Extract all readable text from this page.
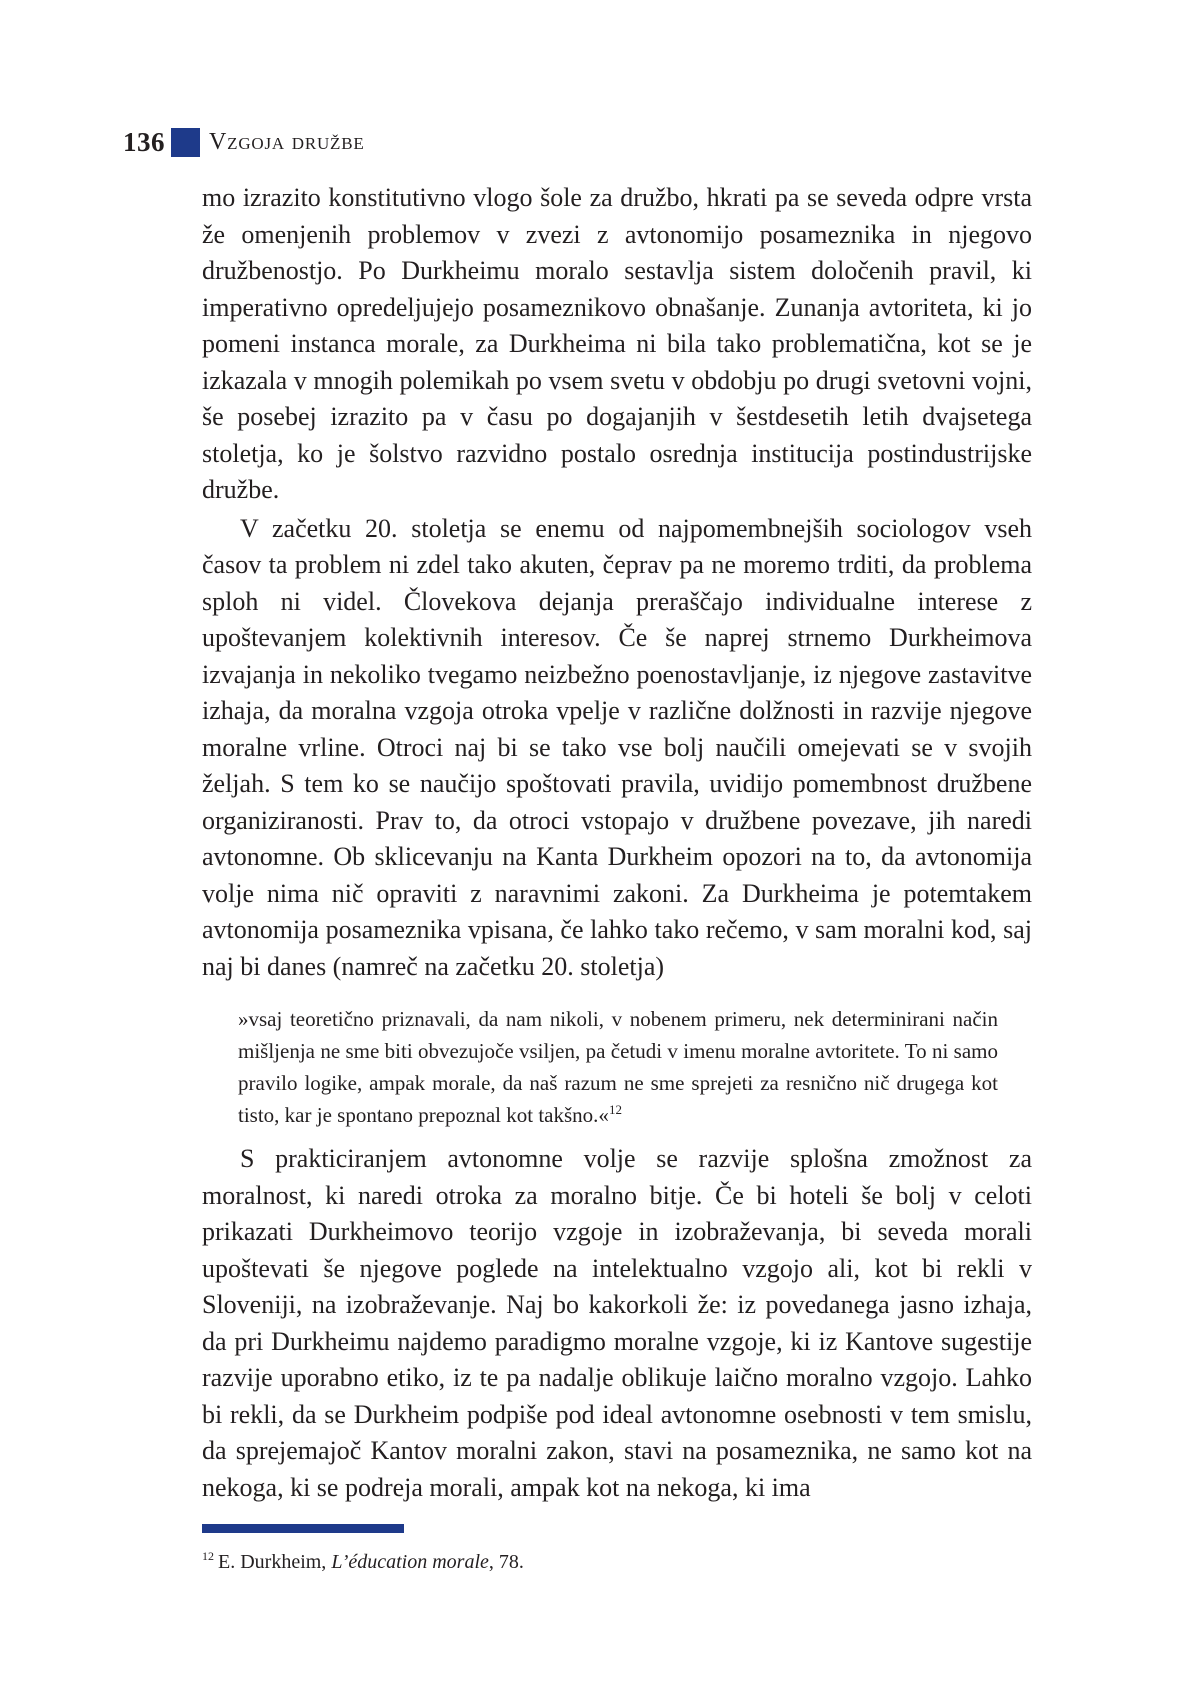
136 Vzgoja družbe

mo izrazito konstitutivno vlogo šole za družbo, hkrati pa se seveda odpre vrsta že omenjenih problemov v zvezi z avtonomijo posameznika in njegovo družbenostjo. Po Durkheimu moralo sestavlja sistem določenih pravil, ki imperativno opredeljujejo posameznikovo obnašanje. Zunanja avtoriteta, ki jo pomeni instanca morale, za Durkheima ni bila tako problematična, kot se je izkazala v mnogih polemikah po vsem svetu v obdobju po drugi svetovni vojni, še posebej izrazito pa v času po dogajanjih v šestdesetih letih dvajsetega stoletja, ko je šolstvo razvidno postalo osrednja institucija postindustrijske družbe.

V začetku 20. stoletja se enemu od najpomembnejših sociologov vseh časov ta problem ni zdel tako akuten, čeprav pa ne moremo trditi, da problema sploh ni videl. Človekova dejanja preraščajo individualne interese z upoštevanjem kolektivnih interesov. Če še naprej strnemo Durkheimova izvajanja in nekoliko tvegamo neizbežno poenostavljanje, iz njegove zastavitve izhaja, da moralna vzgoja otroka vpelje v različne dolžnosti in razvije njegove moralne vrline. Otroci naj bi se tako vse bolj naučili omejevati se v svojih željah. S tem ko se naučijo spoštovati pravila, uvidijo pomembnost družbene organiziranosti. Prav to, da otroci vstopajo v družbene povezave, jih naredi avtonomne. Ob sklicevanju na Kanta Durkheim opozori na to, da avtonomija volje nima nič opraviti z naravnimi zakoni. Za Durkheima je potemtakem avtonomija posameznika vpisana, če lahko tako rečemo, v sam moralni kod, saj naj bi danes (namreč na začetku 20. stoletja)

»vsaj teoretično priznavali, da nam nikoli, v nobenem primeru, nek determinirani način mišljenja ne sme biti obvezujoče vsiljen, pa četudi v imenu moralne avtoritete. To ni samo pravilo logike, ampak morale, da naš razum ne sme sprejeti za resnično nič drugega kot tisto, kar je spontano prepoznal kot takšno.«$^{12}$

S prakticiranjem avtonomne volje se razvije splošna zmožnost za moralnost, ki naredi otroka za moralno bitje. Če bi hoteli še bolj v celoti prikazati Durkheimovo teorijo vzgoje in izobraževanja, bi seveda morali upoštevati še njegove poglede na intelektualno vzgojo ali, kot bi rekli v Sloveniji, na izobraževanje. Naj bo kakorkoli že: iz povedanega jasno izhaja, da pri Durkheimu najdemo paradigmo moralne vzgoje, ki iz Kantove sugestije razvije uporabno etiko, iz te pa nadalje oblikuje laično moralno vzgojo. Lahko bi rekli, da se Durkheim podpiše pod ideal avtonomne osebnosti v tem smislu, da sprejemajoč Kantov moralni zakon, stavi na posameznika, ne samo kot na nekoga, ki se podreja morali, ampak kot na nekoga, ki ima

$^{12}$ E. Durkheim, L’éducation morale, 78.
